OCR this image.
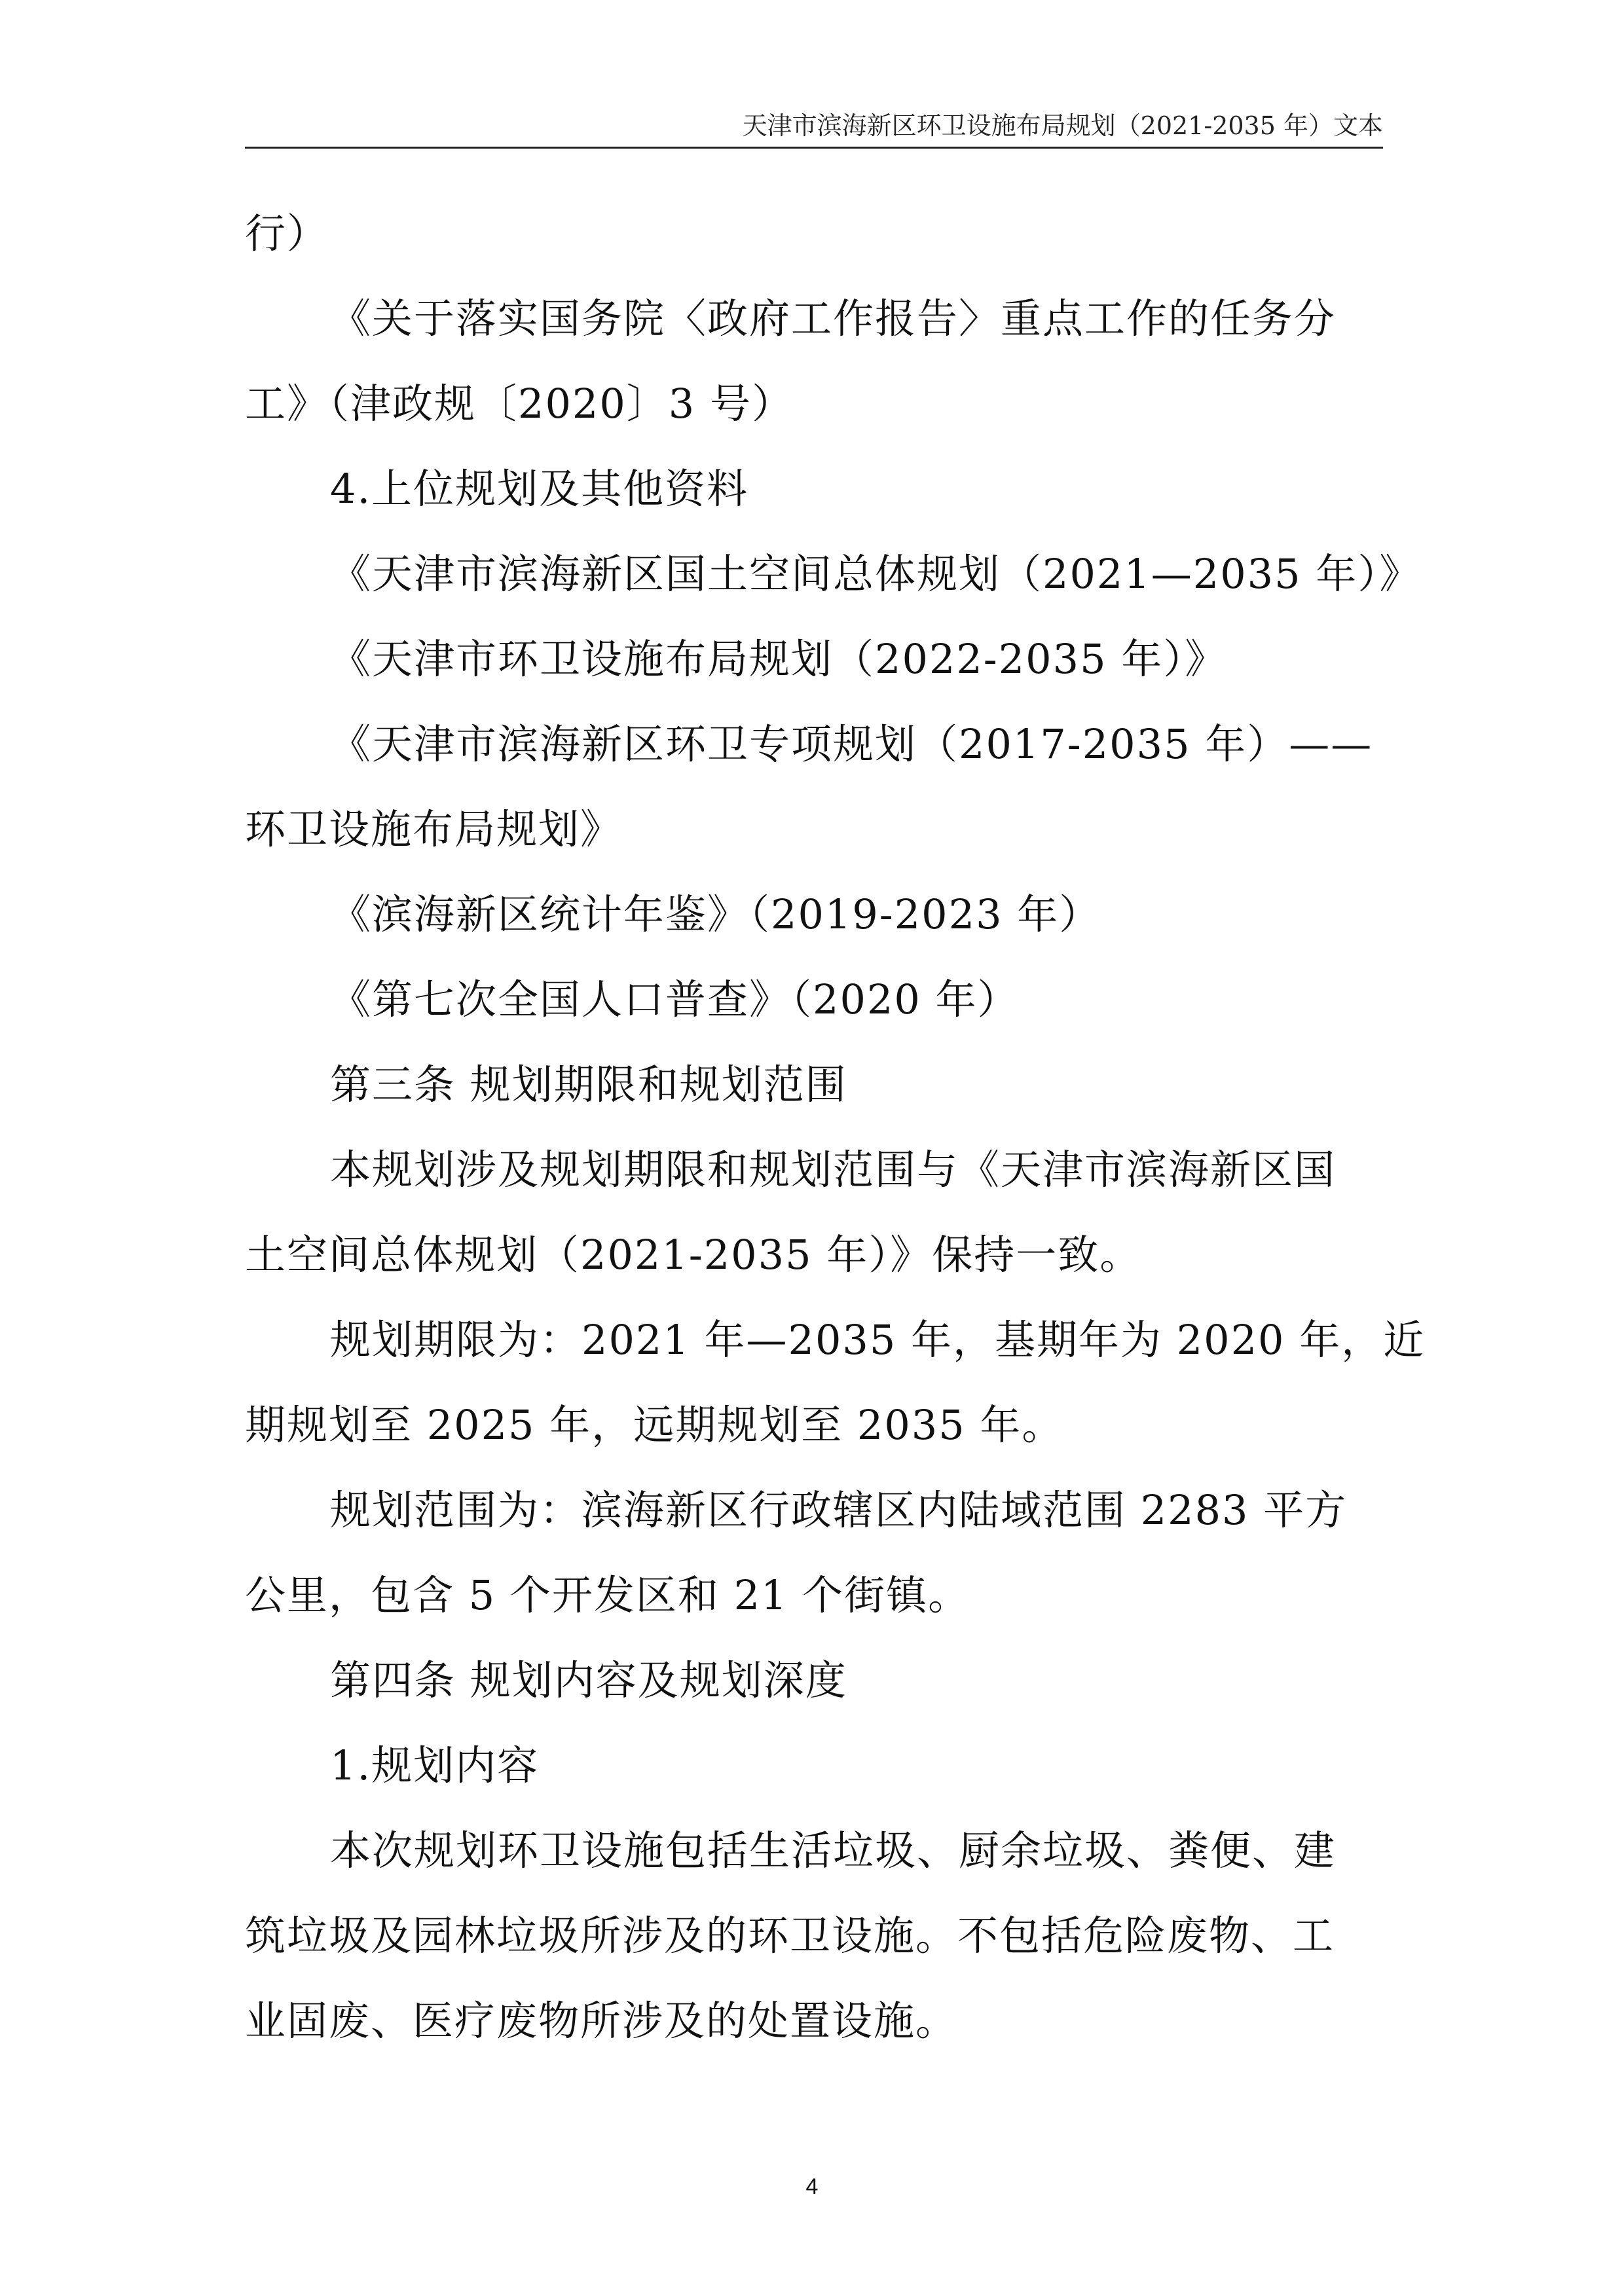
天津市滨海新区环卫设施布局规划（2021-2035 年）文本
行）
《关于落实国务院〈政府工作报告〉重点工作的任务分
工》（津政规〔2020〕3 号）
4.上位规划及其他资料
《天津市滨海新区国土空间总体规划（2021—2035 年）》
《天津市环卫设施布局规划（2022-2035 年）》
《天津市滨海新区环卫专项规划（2017-2035 年）——
环卫设施布局规划》
《滨海新区统计年鉴》（2019-2023 年）
《第七次全国人口普查》（2020 年）
第三条 规划期限和规划范围
本规划涉及规划期限和规划范围与《天津市滨海新区国
土空间总体规划（2021-2035 年）》保持一致。
规划期限为：2021 年—2035 年，基期年为 2020 年，近
期规划至 2025 年，远期规划至 2035 年。
规划范围为：滨海新区行政辖区内陆域范围 2283 平方
公里，包含 5 个开发区和 21 个街镇。
第四条 规划内容及规划深度
1.规划内容
本次规划环卫设施包括生活垃圾、厨余垃圾、粪便、建
筑垃圾及园林垃圾所涉及的环卫设施。不包括危险废物、工
业固废、医疗废物所涉及的处置设施。
4
